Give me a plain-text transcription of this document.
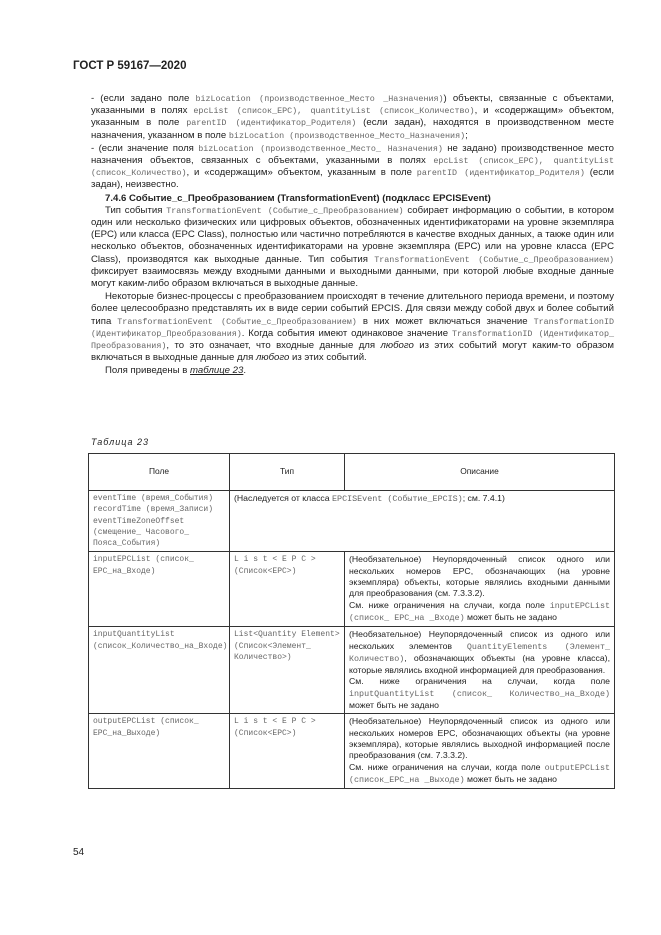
ГОСТ Р 59167—2020

- (если задано поле bizLocation (производственное_Место _Назначения)) объекты, связанные с объектами, указанными в полях epcList (список_EPC), quantityList (список_Количество), и «содержащим» объектом, указанным в поле parentID (идентификатор_Родителя) (если задан), находятся в производственном месте назначения, указанном в поле bizLocation (производственное_Место_Назначения);

- (если значение поля bizLocation (производственное_Место_ Назначения) не задано) производственное место назначения объектов, связанных с объектами, указанными в полях epcList (список_EPC), quantityList (список_Количество), и «содержащим» объектом, указанным в поле parentID (идентификатор_Родителя) (если задан), неизвестно.

7.4.6 Событие_с_Преобразованием (TransformationEvent) (подкласс EPCISEvent)

Тип события TransformationEvent (Событие_с_Преобразованием) собирает информацию о событии, в котором один или несколько физических или цифровых объектов, обозначенных идентификаторами на уровне экземпляра (EPC) или класса (EPC Class), полностью или частично потребляются в качестве входных данных, а также один или несколько объектов, обозначенных идентификаторами на уровне экземпляра (EPC) или на уровне класса (EPC Class), производятся как выходные данные. Тип события TransformationEvent (Событие_с_Преобразованием) фиксирует взаимосвязь между входными данными и выходными данными, при которой любые входные данные могут каким-либо образом включаться в выходные данные.

Некоторые бизнес-процессы с преобразованием происходят в течение длительного периода времени, и поэтому более целесообразно представлять их в виде серии событий EPCIS. Для связи между собой двух и более событий типа TransformationEvent (Событие_с_Преобразованием) в них может включаться значение TransformationID (Идентификатор_Преобразования). Когда события имеют одинаковое значение TransformationID (Идентификатор_ Преобразования), то это означает, что входные данные для любого из этих событий могут каким-то образом включаться в выходные данные для любого из этих событий.

Поля приведены в таблице 23.

Таблица 23
Поле	Тип	Описание
eventTime (время_События) recordTime (время_Записи) eventTimeZoneOffset (смещение_ Часового_ Пояса_События)	(Наследуется от класса EPCISEvent (Событие_EPCIS); см. 7.4.1)	
inputEPCList (список_ EPC_на_Входе)	L i s t < E P C > (Список<EPC>)	(Необязательное) Неупорядоченный список одного или нескольких номеров EPC, обозначающих (на уровне экземпляра) объекты, которые являлись входными данными для преобразования (см. 7.3.3.2).
См. ниже ограничения на случаи, когда поле inputEPCList (список_ EPC_на _Входе) может быть не задано

inputQuantityList (список_Количество_на_Входе)	List<Quantity Element> (Список<Элемент_ Количество>)	(Необязательное) Неупорядоченный список из одного или нескольких элементов QuantityElements (Элемент_ Количество), обозначающих объекты (на уровне класса), которые являлись входной информацией для преобразования.
См. ниже ограничения на случаи, когда поле inputQuantityList (список_ Количество_на_Входе) может быть не задано

outputEPCList (список_ EPC_на_Выходе)	L i s t < E P C > (Список<EPC>)	(Необязательное) Неупорядоченный список из одного или нескольких номеров EPC, обозначающих объекты (на уровне экземпляра), которые являлись выходной информацией после преобразования (см. 7.3.3.2).
См. ниже ограничения на случаи, когда поле outputEPCList (список_EPC_на _Выходе) может быть не задано
54
